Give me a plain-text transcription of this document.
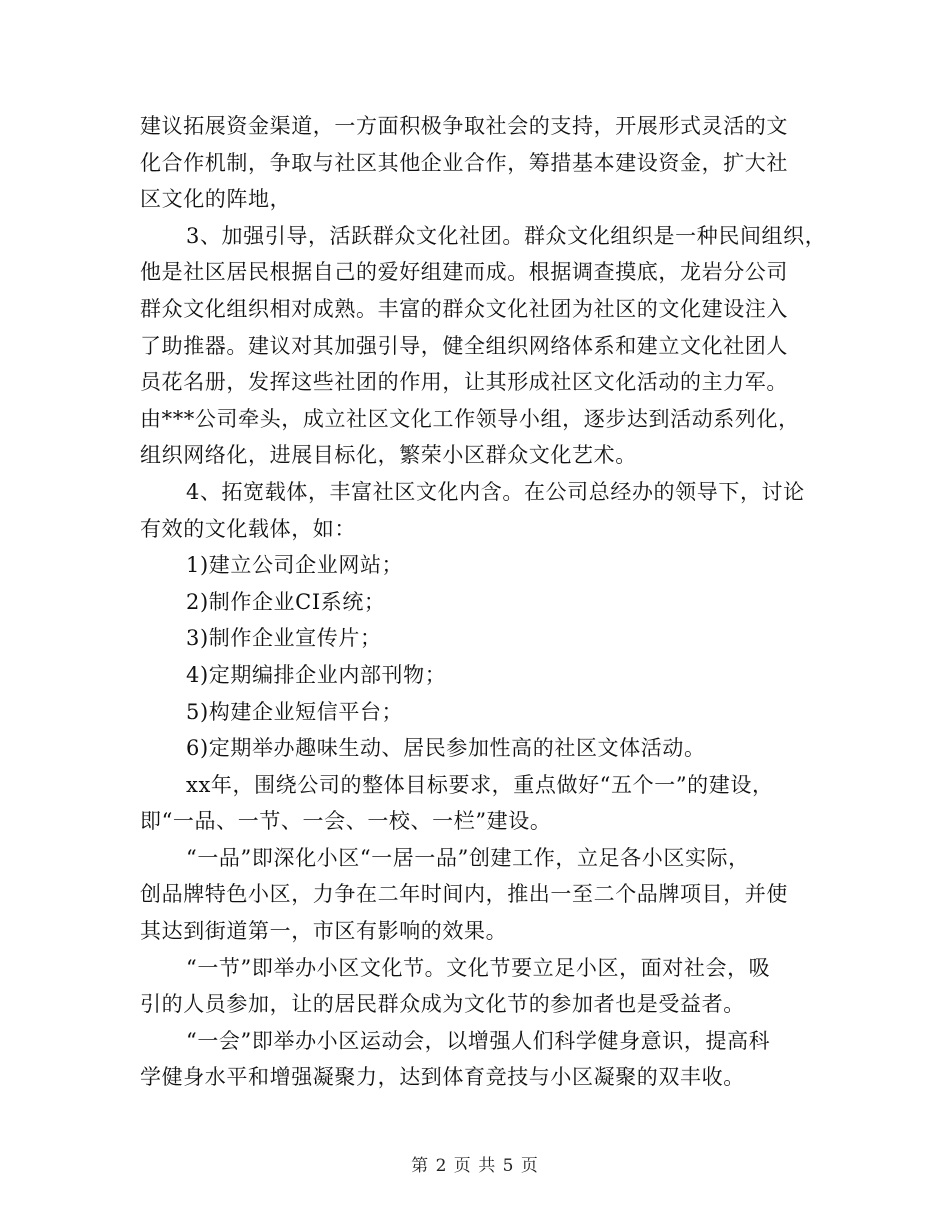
建议拓展资金渠道，一方面积极争取社会的支持，开展形式灵活的文
化合作机制，争取与社区其他企业合作，筹措基本建设资金，扩大社
区文化的阵地，
3、加强引导，活跃群众文化社团。群众文化组织是一种民间组织，
他是社区居民根据自己的爱好组建而成。根据调查摸底，龙岩分公司
群众文化组织相对成熟。丰富的群众文化社团为社区的文化建设注入
了助推器。建议对其加强引导，健全组织网络体系和建立文化社团人
员花名册，发挥这些社团的作用，让其形成社区文化活动的主力军。
由***公司牵头，成立社区文化工作领导小组，逐步达到活动系列化，
组织网络化，进展目标化，繁荣小区群众文化艺术。
4、拓宽载体，丰富社区文化内含。在公司总经办的领导下，讨论
有效的文化载体，如：
1)建立公司企业网站；
2)制作企业CI系统；
3)制作企业宣传片；
4)定期编排企业内部刊物；
5)构建企业短信平台；
6)定期举办趣味生动、居民参加性高的社区文体活动。
xx年，围绕公司的整体目标要求，重点做好“五个一”的建设，
即“一品、一节、一会、一校、一栏”建设。
“一品”即深化小区“一居一品”创建工作，立足各小区实际，
创品牌特色小区，力争在二年时间内，推出一至二个品牌项目，并使
其达到街道第一，市区有影响的效果。
“一节”即举办小区文化节。文化节要立足小区，面对社会，吸
引的人员参加，让的居民群众成为文化节的参加者也是受益者。
“一会”即举办小区运动会，以增强人们科学健身意识，提高科
学健身水平和增强凝聚力，达到体育竞技与小区凝聚的双丰收。
第 2 页 共 5 页
